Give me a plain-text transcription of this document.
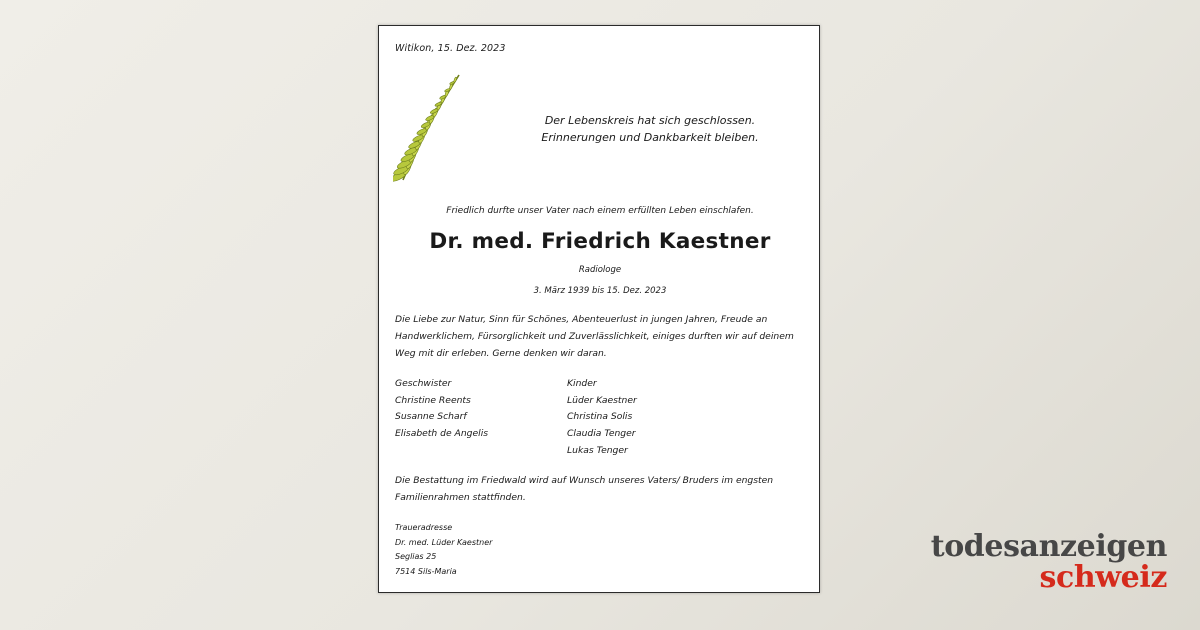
Witikon, 15. Dez. 2023
Der Lebenskreis hat sich geschlossen.
Erinnerungen und Dankbarkeit bleiben.
Friedlich durfte unser Vater nach einem erfüllten Leben einschlafen.
Dr. med. Friedrich Kaestner
Radiologe
3. März 1939 bis 15. Dez. 2023
Die Liebe zur Natur, Sinn für Schönes, Abenteuerlust in jungen Jahren, Freude an Handwerklichem, Fürsorglichkeit und Zuverlässlichkeit, einiges durften wir auf deinem Weg mit dir erleben. Gerne denken wir daran.
Geschwister
Christine Reents
Susanne Scharf
Elisabeth de Angelis
Kinder
Lüder Kaestner
Christina Solis
Claudia Tenger
Lukas Tenger
Die Bestattung im Friedwald wird auf Wunsch unseres Vaters/ Bruders im engsten Familienrahmen stattfinden.
Traueradresse
Dr. med. Lüder Kaestner
Seglias 25
7514 Sils-Maria
todesanzeigen
schweiz
